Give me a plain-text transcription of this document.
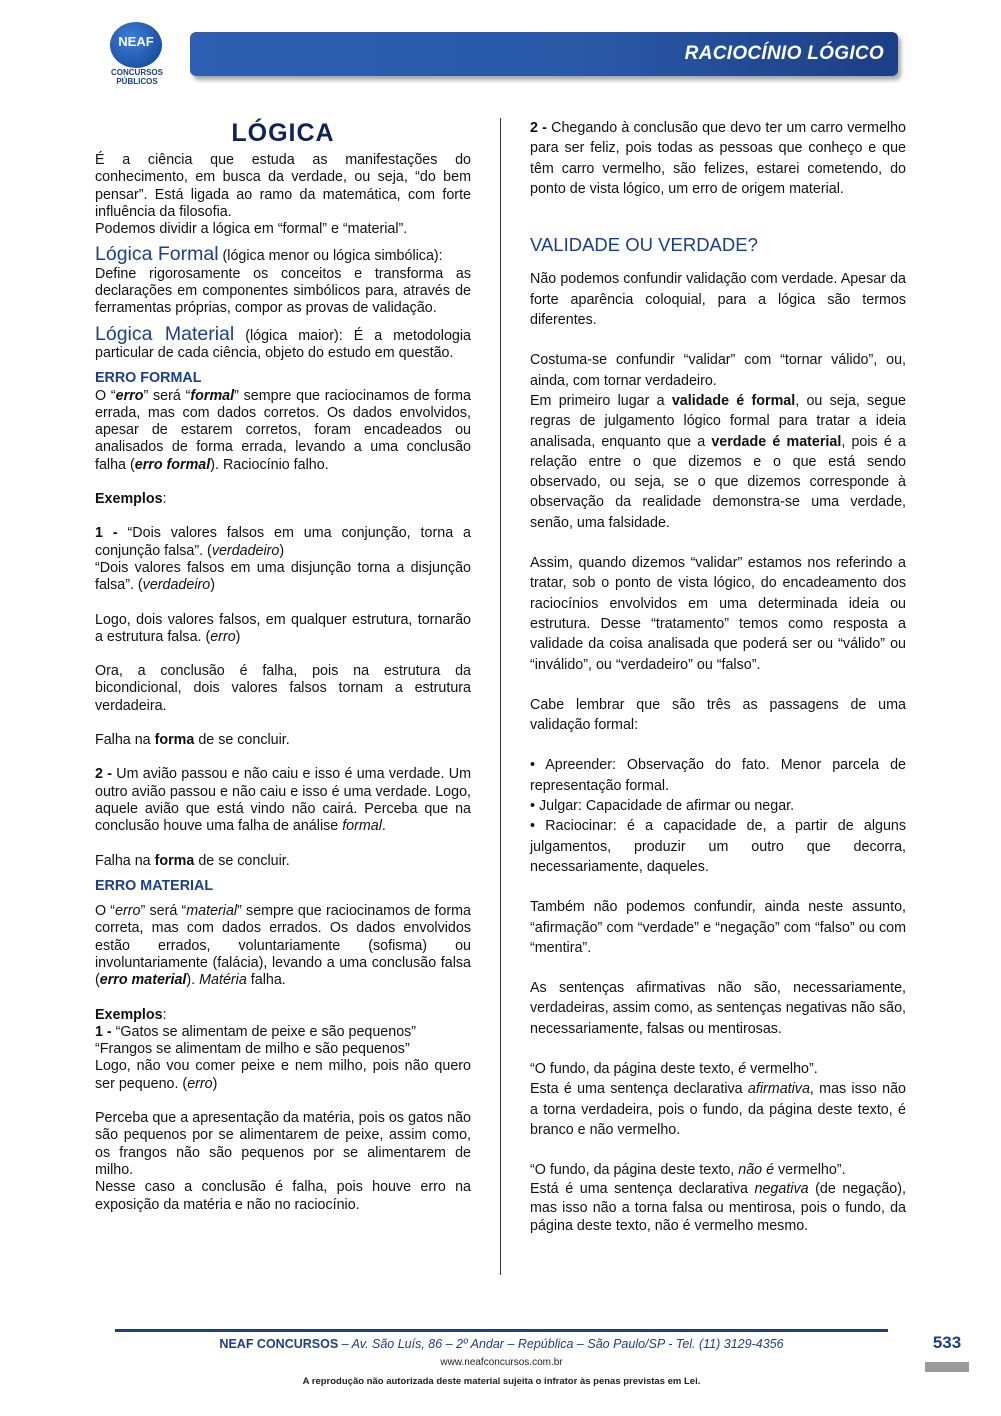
NEAF
CONCURSOS
PÚBLICOS
RACIOCÍNIO LÓGICO
LÓGICA

É a ciência que estuda as manifestações do conhecimento, em busca da verdade, ou seja, “do bem pensar”. Está ligada ao ramo da matemática, com forte influência da filosofia.

Podemos dividir a lógica em “formal” e “material”.

Lógica Formal (lógica menor ou lógica simbólica):

Define rigorosamente os conceitos e transforma as declarações em componentes simbólicos para, através de ferramentas próprias, compor as provas de validação.

Lógica Material (lógica maior): É a metodologia particular de cada ciência, objeto do estudo em questão.

ERRO FORMAL

O “erro” será “formal” sempre que raciocinamos de forma errada, mas com dados corretos. Os dados envolvidos, apesar de estarem corretos, foram encadeados ou analisados de forma errada, levando a uma conclusão falha (erro formal). Raciocínio falho.

Exemplos:

1 - “Dois valores falsos em uma conjunção, torna a conjunção falsa”. (verdadeiro)

“Dois valores falsos em uma disjunção torna a disjunção falsa”. (verdadeiro)

Logo, dois valores falsos, em qualquer estrutura, tornarão a estrutura falsa. (erro)

Ora, a conclusão é falha, pois na estrutura da bicondicional, dois valores falsos tornam a estrutura verdadeira.

Falha na forma de se concluir.

2 - Um avião passou e não caiu e isso é uma verdade. Um outro avião passou e não caiu e isso é uma verdade. Logo, aquele avião que está vindo não cairá. Perceba que na conclusão houve uma falha de análise formal.

Falha na forma de se concluir.

ERRO MATERIAL

O “erro” será “material” sempre que raciocinamos de forma correta, mas com dados errados. Os dados envolvidos estão errados, voluntariamente (sofisma) ou involuntariamente (falácia), levando a uma conclusão falsa (erro material). Matéria falha.

Exemplos:

1 - “Gatos se alimentam de peixe e são pequenos”

“Frangos se alimentam de milho e são pequenos”

Logo, não vou comer peixe e nem milho, pois não quero ser pequeno. (erro)

Perceba que a apresentação da matéria, pois os gatos não são pequenos por se alimentarem de peixe, assim como, os frangos não são pequenos por se alimentarem de milho.

Nesse caso a conclusão é falha, pois houve erro na exposição da matéria e não no raciocínio.

2 - Chegando à conclusão que devo ter um carro vermelho para ser feliz, pois todas as pessoas que conheço e que têm carro vermelho, são felizes, estarei cometendo, do ponto de vista lógico, um erro de origem material.

VALIDADE OU VERDADE?

Não podemos confundir validação com verdade. Apesar da forte aparência coloquial, para a lógica são termos diferentes.

Costuma-se confundir “validar” com “tornar válido”, ou, ainda, com tornar verdadeiro.

Em primeiro lugar a validade é formal, ou seja, segue regras de julgamento lógico formal para tratar a ideia analisada, enquanto que a verdade é material, pois é a relação entre o que dizemos e o que está sendo observado, ou seja, se o que dizemos corresponde à observação da realidade demonstra-se uma verdade, senão, uma falsidade.

Assim, quando dizemos “validar” estamos nos referindo a tratar, sob o ponto de vista lógico, do encadeamento dos raciocínios envolvidos em uma determinada ideia ou estrutura. Desse “tratamento” temos como resposta a validade da coisa analisada que poderá ser ou “válido” ou “inválido”, ou “verdadeiro” ou “falso”.

Cabe lembrar que são três as passagens de uma validação formal:

• Apreender: Observação do fato. Menor parcela de representação formal.

• Julgar: Capacidade de afirmar ou negar.

• Raciocinar: é a capacidade de, a partir de alguns julgamentos, produzir um outro que decorra, necessariamente, daqueles.

Também não podemos confundir, ainda neste assunto, “afirmação” com “verdade” e “negação” com “falso” ou com “mentira”.

As sentenças afirmativas não são, necessariamente, verdadeiras, assim como, as sentenças negativas não são, necessariamente, falsas ou mentirosas.

“O fundo, da página deste texto, é vermelho”.

Esta é uma sentença declarativa afirmativa, mas isso não a torna verdadeira, pois o fundo, da página deste texto, é branco e não vermelho.

“O fundo, da página deste texto, não é vermelho”.

Está é uma sentença declarativa negativa (de negação), mas isso não a torna falsa ou mentirosa, pois o fundo, da página deste texto, não é vermelho mesmo.

NEAF CONCURSOS – Av. São Luís, 86 – 2º Andar – República – São Paulo/SP - Tel. (11) 3129-4356
www.neafconcursos.com.br
A reprodução não autorizada deste material sujeita o infrator às penas previstas em Lei.
533
